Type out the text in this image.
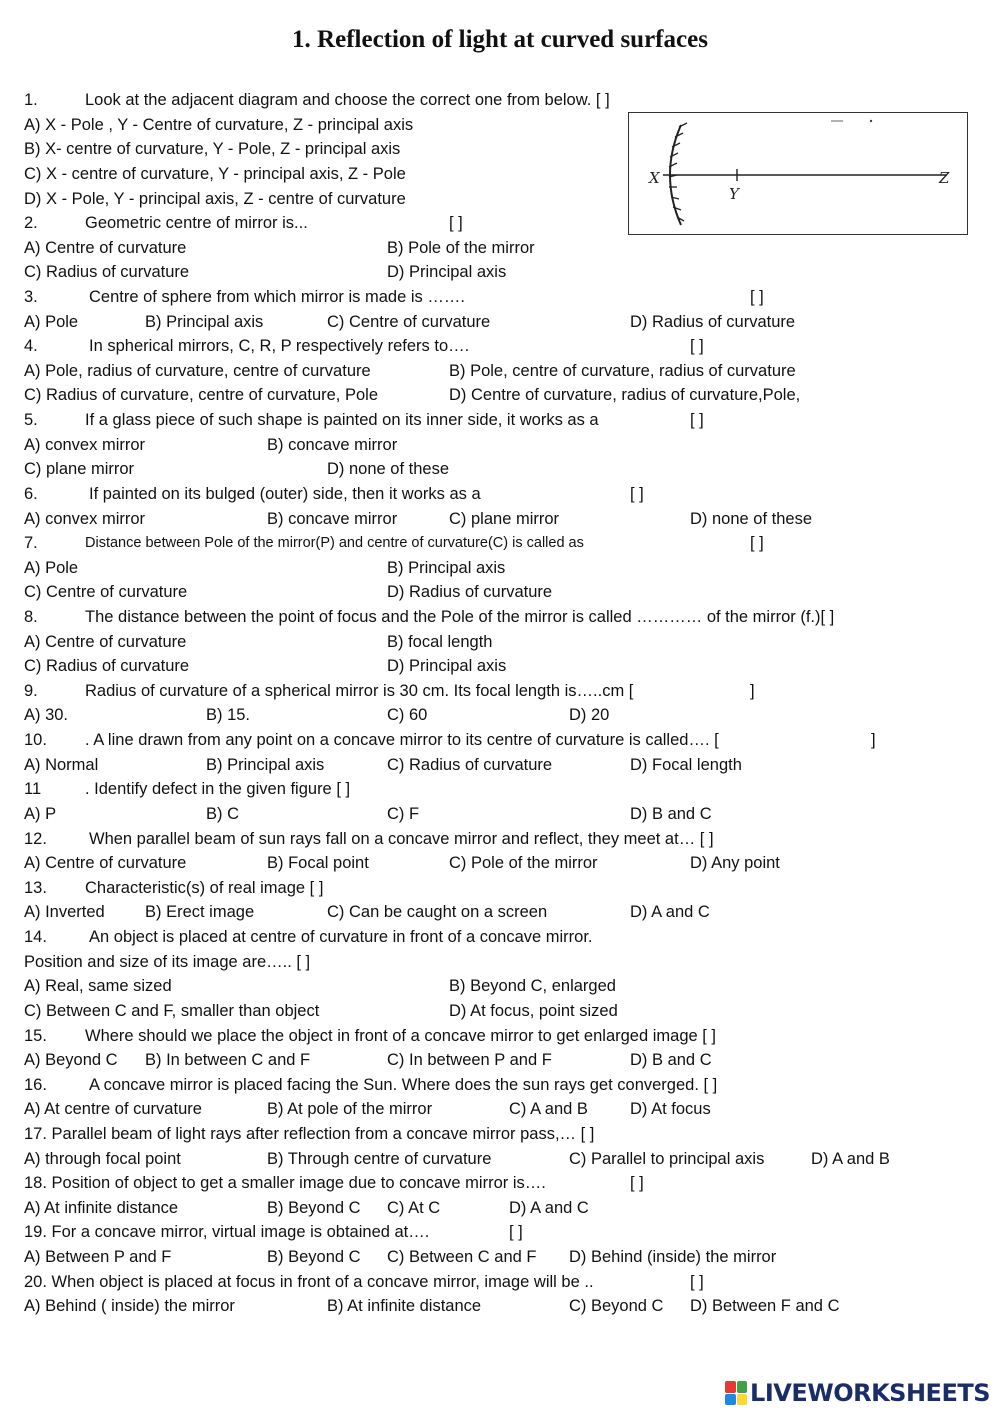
1. Reflection of light at curved surfaces
1.	Look at the adjacent diagram and choose the correct one from below. [ ]
A) X - Pole , Y - Centre of curvature, Z - principal axis
B) X- centre of curvature, Y - Pole, Z - principal axis
C) X - centre of curvature, Y - principal axis, Z - Pole
D) X - Pole, Y - principal axis, Z - centre of curvature
2.	Geometric centre of mirror is...	[ ]
A) Centre of curvature	B) Pole of the mirror
C) Radius of curvature	D) Principal axis
3.	Centre of sphere from which mirror is made is …….	[ ]
A) Pole	B) Principal axis	C) Centre of curvature	D) Radius of curvature
4.	In spherical mirrors, C, R, P respectively refers to….	[ ]
A) Pole, radius of curvature, centre of curvature	B) Pole, centre of curvature, radius of curvature
C) Radius of curvature, centre of curvature, Pole	D) Centre of curvature, radius of curvature,Pole,
5.	If a glass piece of such shape is painted on its inner side, it works as a	[ ]
A) convex mirror	B) concave mirror
C) plane mirror	D) none of these
6.	If painted on its bulged (outer) side, then it works as a	[ ]
A) convex mirror	B) concave mirror	C) plane mirror	D) none of these
7.	Distance between Pole of the mirror(P) and centre of curvature(C) is called as	[ ]
A) Pole	B) Principal axis
C) Centre of curvature	D) Radius of curvature
8.	The distance between the point of focus and the Pole of the mirror is called ………… of the mirror (f.)[ ]
A) Centre of curvature	B) focal length
C) Radius of curvature	D) Principal axis
9.	Radius of curvature of a spherical mirror is 30 cm. Its focal length is…..cm [	]
A) 30.	B) 15.	C) 60	D) 20
10. . A line drawn from any point on a concave mirror to its centre of curvature is called…. [	]
A) Normal	B) Principal axis	C) Radius of curvature	D) Focal length
11	. Identify defect in the given figure [ ]
A) P	B) C	C) F	D) B and C
12.	When parallel beam of sun rays fall on a concave mirror and reflect, they meet at… [ ]
A) Centre of curvature	B) Focal point	C) Pole of the mirror	D) Any point
13. Characteristic(s) of real image [ ]
A) Inverted B) Erect image	C) Can be caught on a screen	D) A and C
14.	An object is placed at centre of curvature in front of a concave mirror.
Position and size of its image are….. [ ]
A) Real, same sized	B) Beyond C, enlarged
C) Between C and F, smaller than object	D) At focus, point sized
15. Where should we place the object in front of a concave mirror to get enlarged image [ ]
A) Beyond C B) In between C and F	C) In between P and F	D) B and C
16.	A concave mirror is placed facing the Sun. Where does the sun rays get converged. [ ]
A) At centre of curvature	B) At pole of the mirror	C) A and B	D) At focus
17. Parallel beam of light rays after reflection from a concave mirror pass,… [ ]
A) through focal point	B) Through centre of curvature	C) Parallel to principal axis	D) A and B
18. Position of object to get a smaller image due to concave mirror is….	[ ]
A) At infinite distance	B) Beyond C C) At C	D) A and C
19. For a concave mirror, virtual image is obtained at….	[ ]
A) Between P and F	B) Beyond C C) Between C and F D) Behind (inside) the mirror
20. When object is placed at focus in front of a concave mirror, image will be ..	[ ]
A) Behind ( inside) the mirror	B) At infinite distance	C) Beyond C D) Between F and C
X
Y
Z
LIVEWORKSHEETS
